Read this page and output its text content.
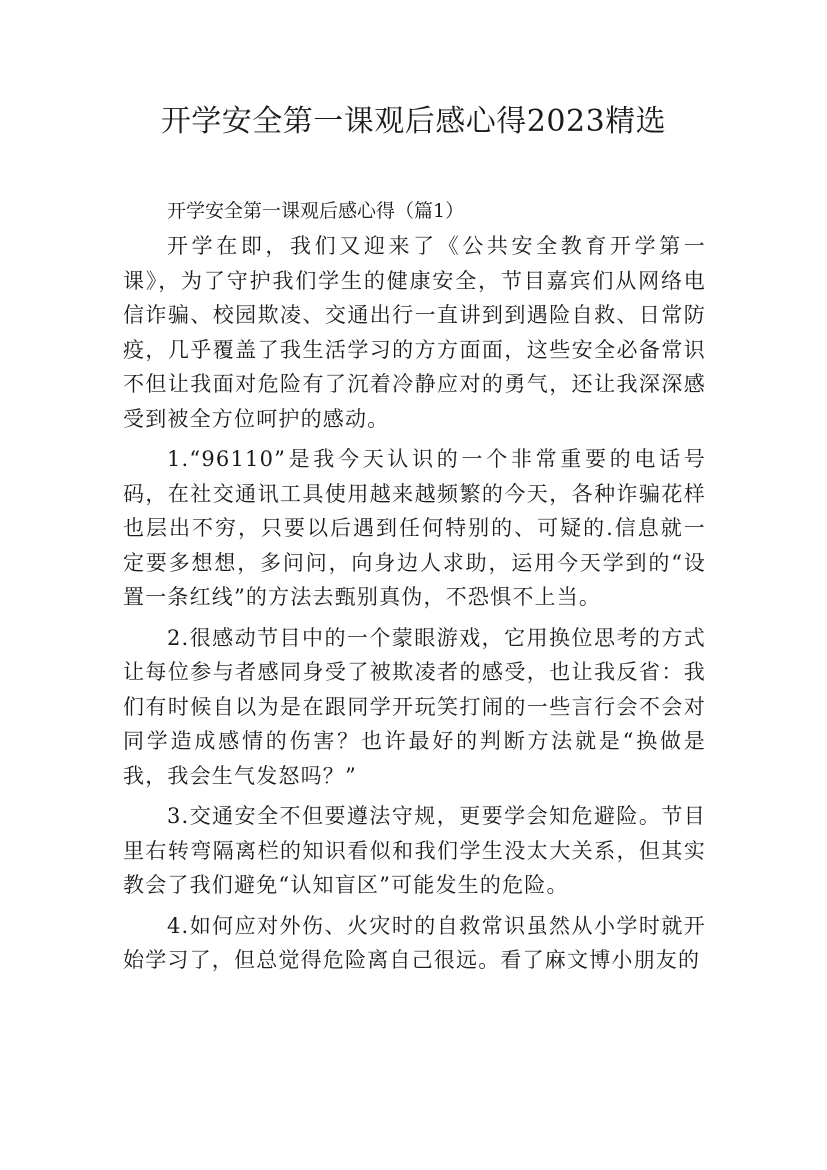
开学安全第一课观后感心得2023精选

开学安全第一课观后感心得（篇1）

开学在即，我们又迎来了《公共安全教育开学第一课》，为了守护我们学生的健康安全，节目嘉宾们从网络电信诈骗、校园欺凌、交通出行一直讲到到遇险自救、日常防疫，几乎覆盖了我生活学习的方方面面，这些安全必备常识不但让我面对危险有了沉着冷静应对的勇气，还让我深深感受到被全方位呵护的感动。

1.“96110”是我今天认识的一个非常重要的电话号码，在社交通讯工具使用越来越频繁的今天，各种诈骗花样也层出不穷，只要以后遇到任何特别的、可疑的.信息就一定要多想想，多问问，向身边人求助，运用今天学到的“设置一条红线”的方法去甄别真伪，不恐惧不上当。

2.很感动节目中的一个蒙眼游戏，它用换位思考的方式让每位参与者感同身受了被欺凌者的感受，也让我反省：我们有时候自以为是在跟同学开玩笑打闹的一些言行会不会对同学造成感情的伤害？也许最好的判断方法就是“换做是我，我会生气发怒吗？”

3.交通安全不但要遵法守规，更要学会知危避险。节目里右转弯隔离栏的知识看似和我们学生没太大关系，但其实教会了我们避免“认知盲区”可能发生的危险。

4.如何应对外伤、火灾时的自救常识虽然从小学时就开始学习了，但总觉得危险离自己很远。看了麻文博小朋友的
